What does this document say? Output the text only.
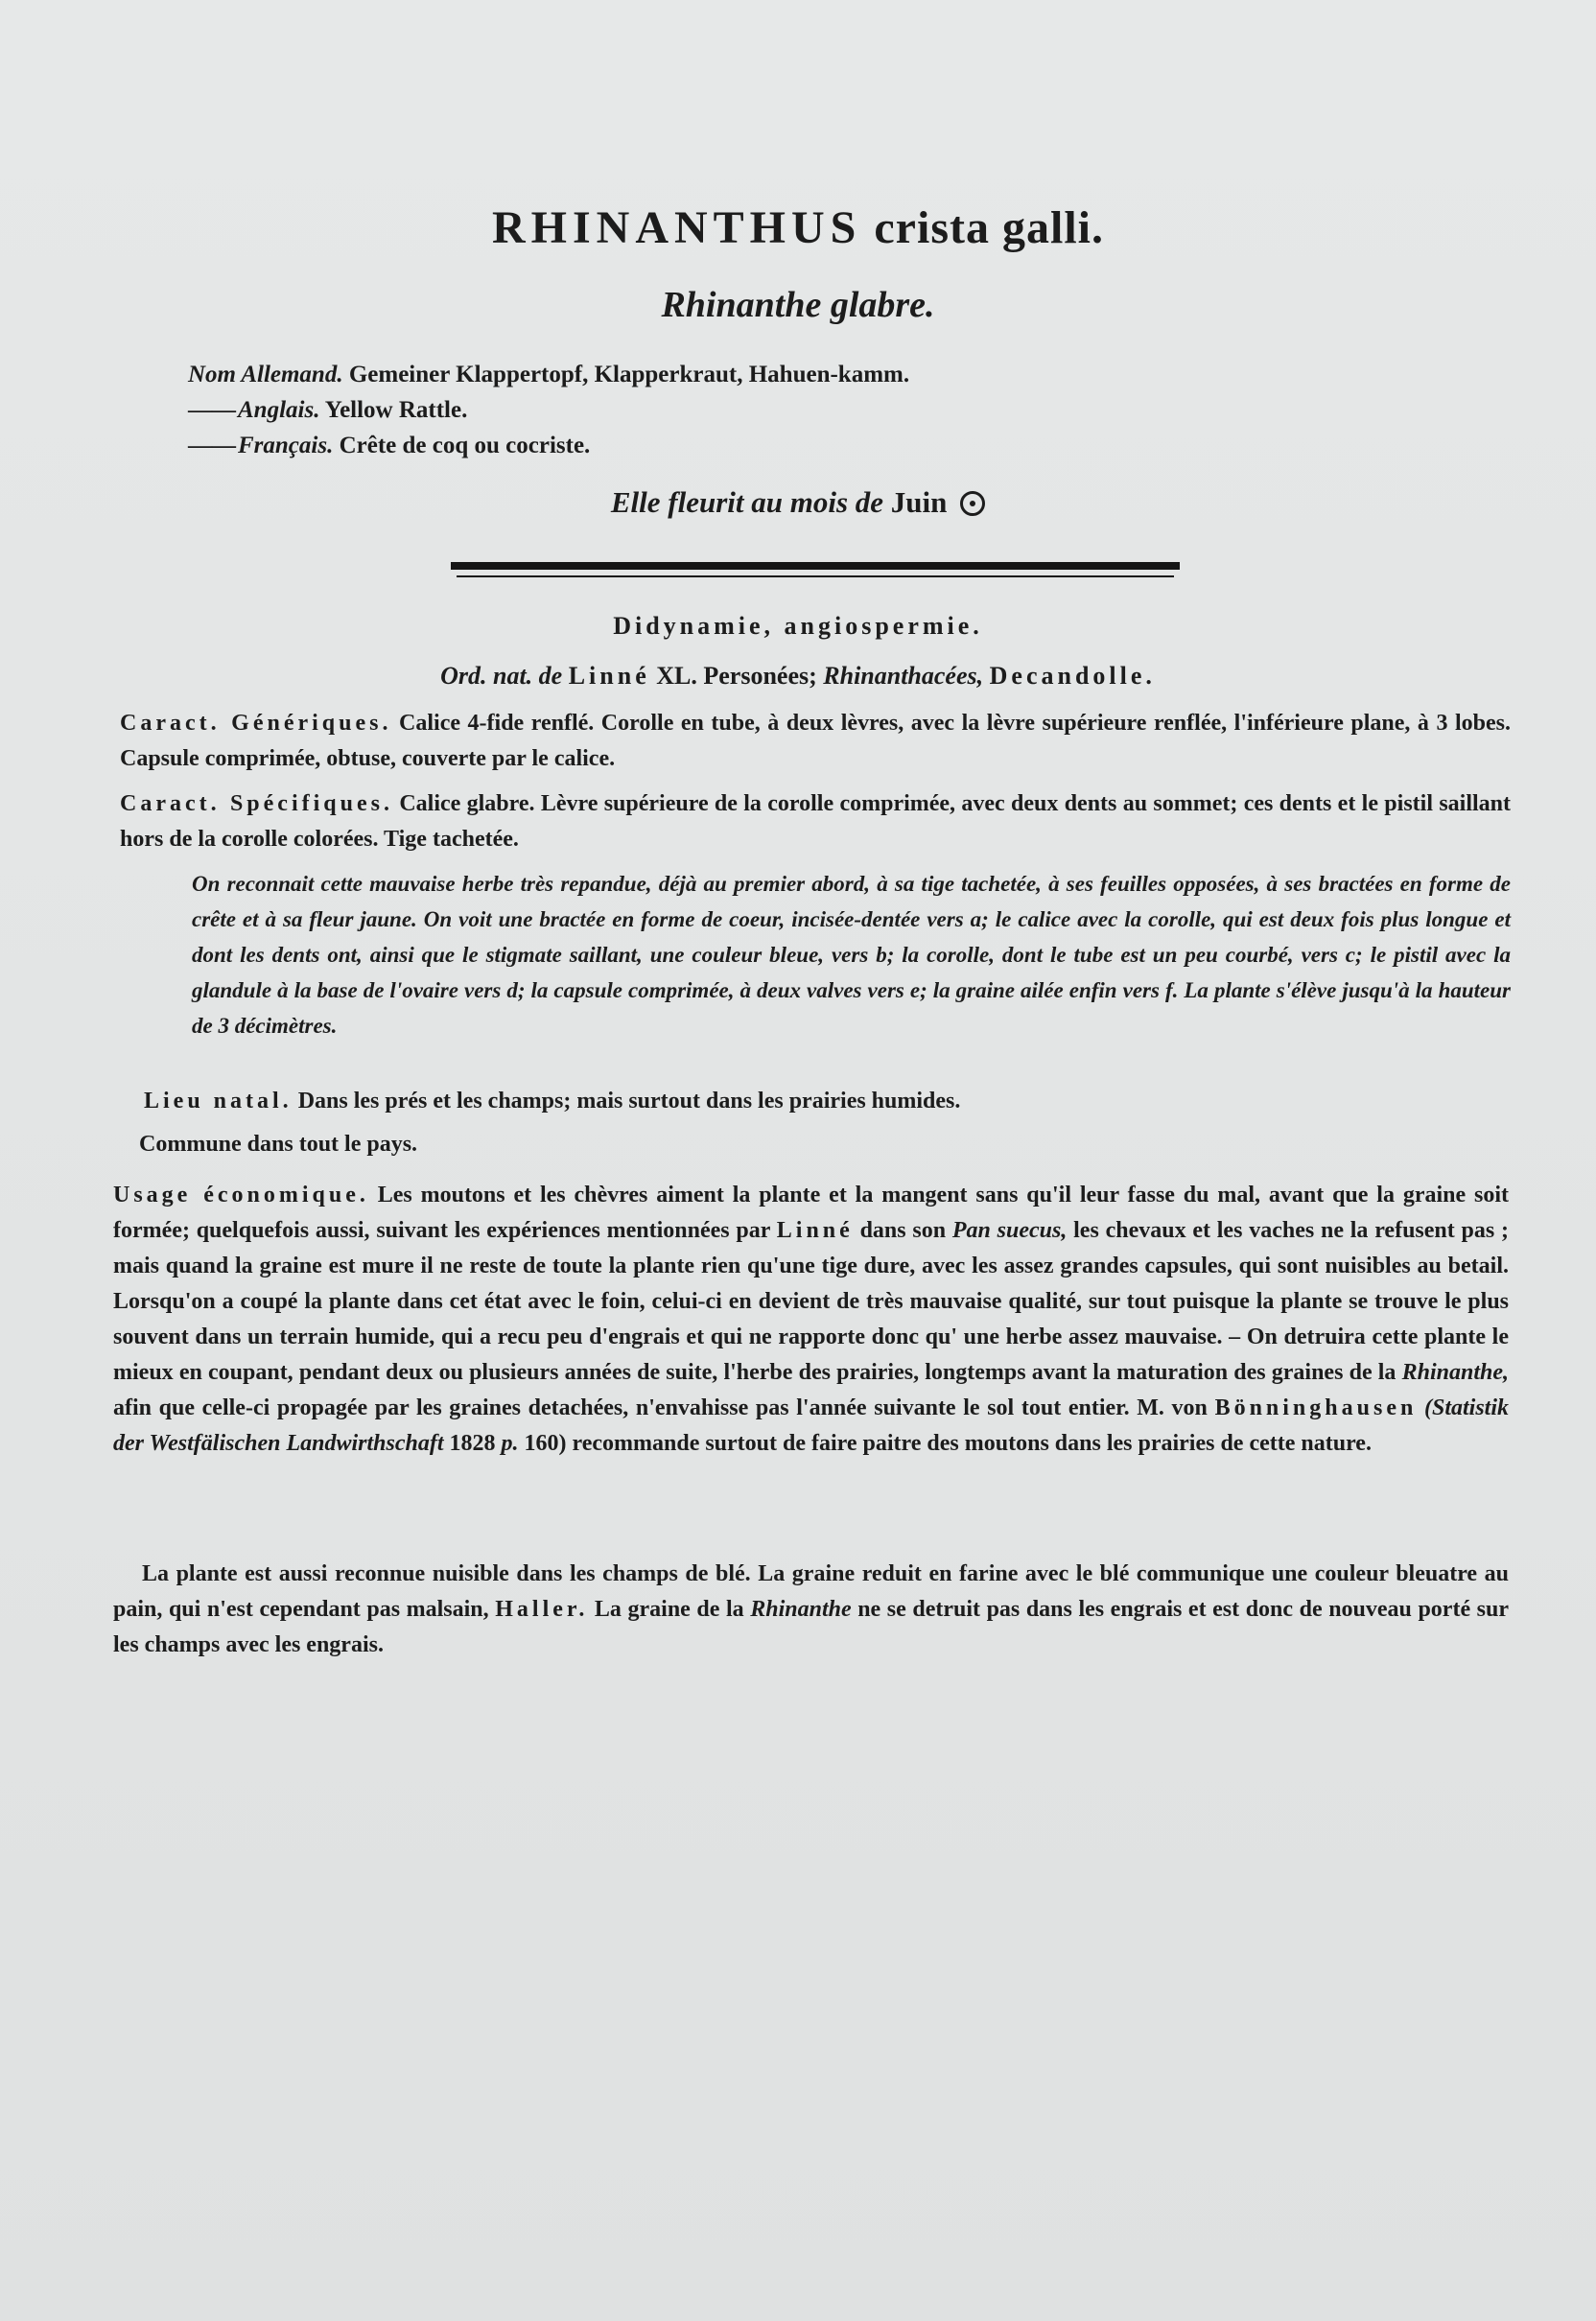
RHINANTHUS crista galli.
Rhinanthe glabre.
Nom Allemand. Gemeiner Klappertopf, Klapperkraut, Hahuen-kamm.
——Anglais. Yellow Rattle.
——Français. Crête de coq ou cocriste.
Elle fleurit au mois de Juin
Didynamie, angiospermie.
Ord. nat. de Linné XL. Personées; Rhinanthacées, Decandolle.
Caract. Génériques. Calice 4-fide renflé. Corolle en tube, à deux lèvres, avec la lèvre supérieure renflée, l'inférieure plane, à 3 lobes. Capsule comprimée, obtuse, couverte par le calice.
Caract. Spécifiques. Calice glabre. Lèvre supérieure de la corolle comprimée, avec deux dents au sommet; ces dents et le pistil saillant hors de la corolle colorées. Tige tachetée.
On reconnait cette mauvaise herbe très repandue, déjà au premier abord, à sa tige tachetée, à ses feuilles opposées, à ses bractées en forme de crête et à sa fleur jaune. On voit une bractée en forme de coeur, incisée-dentée vers a; le calice avec la corolle, qui est deux fois plus longue et dont les dents ont, ainsi que le stigmate saillant, une couleur bleue, vers b; la corolle, dont le tube est un peu courbé, vers c; le pistil avec la glandule à la base de l'ovaire vers d; la capsule comprimée, à deux valves vers e; la graine ailée enfin vers f. La plante s'élève jusqu'à la hauteur de 3 décimètres.
Lieu natal. Dans les prés et les champs; mais surtout dans les prairies humides.
Commune dans tout le pays.
Usage économique. Les moutons et les chèvres aiment la plante et la mangent sans qu'il leur fasse du mal, avant que la graine soit formée; quelquefois aussi, suivant les expériences mentionnées par Linné dans son Pan suecus, les chevaux et les vaches ne la refusent pas ; mais quand la graine est mure il ne reste de toute la plante rien qu'une tige dure, avec les assez grandes capsules, qui sont nuisibles au betail. Lorsqu'on a coupé la plante dans cet état avec le foin, celui-ci en devient de très mauvaise qualité, sur tout puisque la plante se trouve le plus souvent dans un terrain humide, qui a recu peu d'engrais et qui ne rapporte donc qu' une herbe assez mauvaise. – On detruira cette plante le mieux en coupant, pendant deux ou plusieurs années de suite, l'herbe des prairies, longtemps avant la maturation des graines de la Rhinanthe, afin que celle-ci propagée par les graines detachées, n'envahisse pas l'année suivante le sol tout entier. M. von Bönninghausen (Statistik der Westfälischen Landwirthschaft 1828 p. 160) recommande surtout de faire paitre des moutons dans les prairies de cette nature.
La plante est aussi reconnue nuisible dans les champs de blé. La graine reduit en farine avec le blé communique une couleur bleuatre au pain, qui n'est cependant pas malsain, Haller. La graine de la Rhinanthe ne se detruit pas dans les engrais et est donc de nouveau porté sur les champs avec les engrais.
